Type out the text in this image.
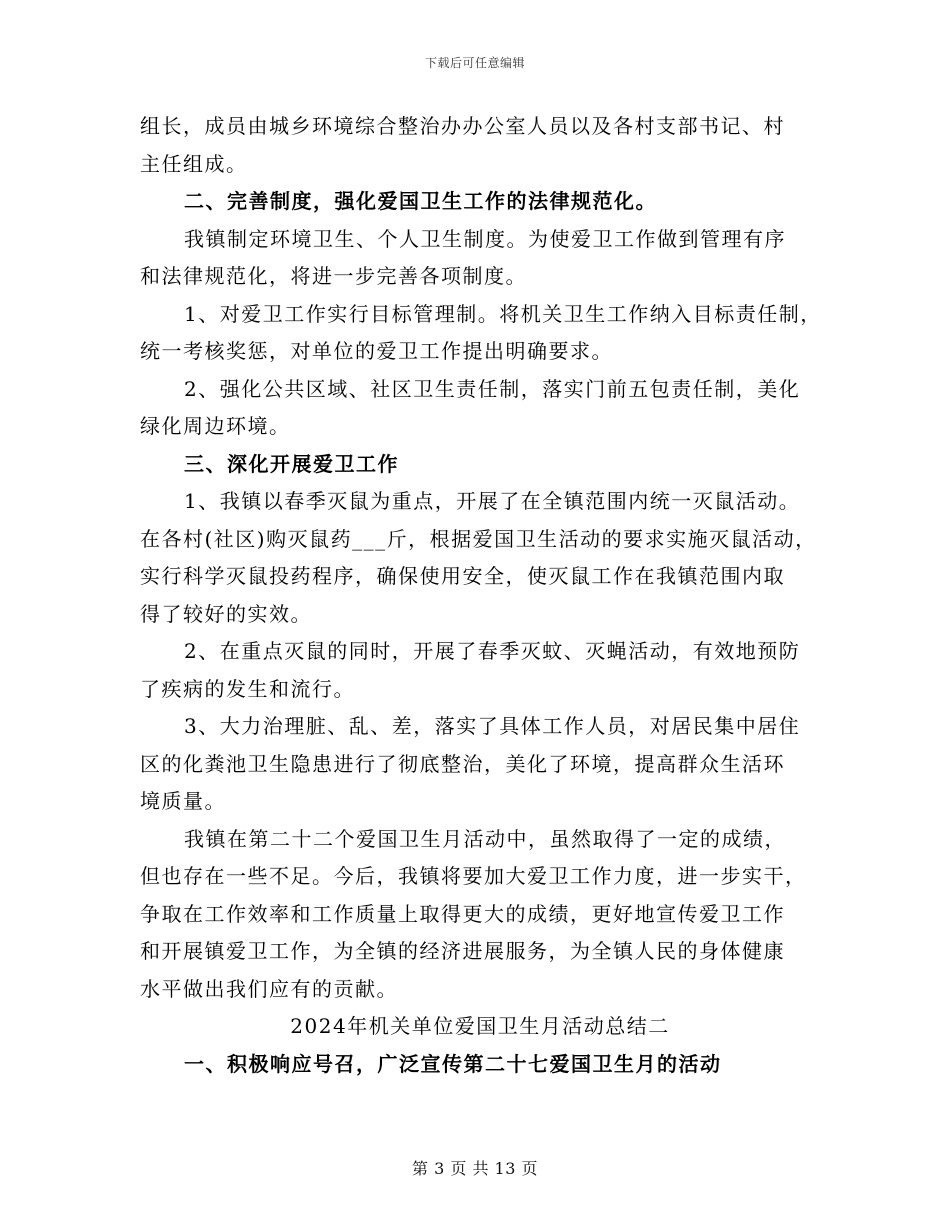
下载后可任意编辑
组长，成员由城乡环境综合整治办办公室人员以及各村支部书记、村
主任组成。
二、完善制度，强化爱国卫生工作的法律规范化。
我镇制定环境卫生、个人卫生制度。为使爱卫工作做到管理有序
和法律规范化，将进一步完善各项制度。
1、对爱卫工作实行目标管理制。将机关卫生工作纳入目标责任制，
统一考核奖惩，对单位的爱卫工作提出明确要求。
2、强化公共区域、社区卫生责任制，落实门前五包责任制，美化
绿化周边环境。
三、深化开展爱卫工作
1、我镇以春季灭鼠为重点，开展了在全镇范围内统一灭鼠活动。
在各村(社区)购灭鼠药___斤，根据爱国卫生活动的要求实施灭鼠活动，
实行科学灭鼠投药程序，确保使用安全，使灭鼠工作在我镇范围内取
得了较好的实效。
2、在重点灭鼠的同时，开展了春季灭蚊、灭蝇活动，有效地预防
了疾病的发生和流行。
3、大力治理脏、乱、差，落实了具体工作人员，对居民集中居住
区的化粪池卫生隐患进行了彻底整治，美化了环境，提高群众生活环
境质量。
我镇在第二十二个爱国卫生月活动中，虽然取得了一定的成绩，
但也存在一些不足。今后，我镇将要加大爱卫工作力度，进一步实干，
争取在工作效率和工作质量上取得更大的成绩，更好地宣传爱卫工作
和开展镇爱卫工作，为全镇的经济进展服务，为全镇人民的身体健康
水平做出我们应有的贡献。
2024年机关单位爱国卫生月活动总结二
一、积极响应号召，广泛宣传第二十七爱国卫生月的活动
第 3 页 共 13 页
